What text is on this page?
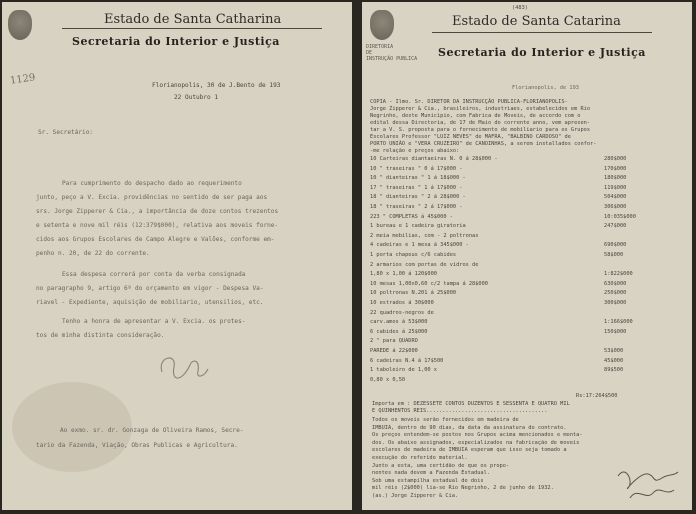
1129
Estado de Santa Catharina
Secretaria do Interior e Justiça
Florianopolis, 30 de J.Bento de 193
22 Outubro 1
Sr. Secretário:
Para cumprimento do despacho dado ao requerimento
junto, peço a V. Excia. providências no sentido de ser paga aos
srs. Jorge Zipperer & Cia., a importância de doze contos trezentos
e setenta e nove mil réis (12:379$000), relativa aos moveis forne-
cidos aos Grupos Escolares de Campo Alegre e Valões, conforme em-
penho n. 20, de 22 do corrente.
Essa despesa correrá por conta da verba consignada
no paragrapho 9, artigo 6º do orçamento em vigor - Despesa Va-
riavel - Expediente, aquisição de mobiliario, utensilios, etc.
Tenho a honra de apresentar a V. Excia. os protes-
tos de minha distinta consideração.
Ao exmo. sr. dr. Gonzaga de Oliveira Ramos, Secre-
tario da Fazenda, Viação, Obras Publicas e Agricultura.
DIRETORIA
DE
INSTRUÇÃO PUBLICA
(483)
Estado de Santa Catarina
Secretaria do Interior e Justiça
Florianopolis, de 193
Rs:17:264$500
Importa em : DEZESSETE CONTOS DUZENTOS E SESSENTA E QUATRO MIL
E QUINHENTOS REIS......................................
COPIA - Ilmo. Sr. DIRETOR DA INSTRUCÇÃO PUBLICA-FLORIANOPOLIS-
Jorge Zipperer & Cia., brasileiros, industriaes, estabelecidos em Rio
Negrinho, deste Municipio, com Fabrica de Moveis, de accordo com o
edital dessa Directoria, de 17 de Maio do corrente anno, vem apresen-
tar a V. S. proposta para o fornecimento de mobiliario para os Grupos
Escolares Professor "LUIZ NEVES" de MAFRA, "BALBINO CARDOSO" de
PORTO UNIÃO e "VERA CRUZEIRO" de CANOINHAS, a serem installados confor-
-me relação e preços abaixo:
10 Carteiras diantaeiras N. 0 á 28$000 -
10 " traseiras " 0 á 17$000 -
10 " dianteiras " 1 á 18$000 -
17 " traseiras " 1 á 17$000 -
18 " dianteiras " 2 á 28$000 -
18 " traseiras " 2 á 17$000 -
223 " COMPLETAS á 45$000 -
1 bureau e 1 cadeira giratoria
2 meia mobilias, com - 2 poltronas
4 cadeiras e 1 mesa á 345$000 -
1 porta chapeus c/6 cabides
2 armarios com portas de vidros de
1,80 x 1,00 á 120$000
10 mesas 1,00x0,60 c/2 tampa á 28$000
10 poltronas N.201 á 25$000
10 estrados á 30$000
22 quadros-negros de
carv.amos á 53$000
6 cabides á 25$000
2 " para QUADRO
PAREDE á 22$000
6 cadeiras N.4 á 17$500
1 taboleiro de 1,00 x
0,80 x 0,50
280$000
170$000
180$000
119$000
504$000
306$000
10:035$000
247$000
690$000
58$000
1:822$000
630$000
250$000
300$000
1:166$000
150$000
53$000
45$000
89$500
Todos os moveis serão fornecidos em madeira de
IMBUIA, dentro de 90 dias, da data da assinatura do contrato.
Os preços entendem-se postos nos Grupos acima mencionados e monta-
dos. Os abaixo assignados, especializados na fabricação de moveis
escolares de madeira de IMBUIA esperam que isso seja tomado a
execução do referido material.
Junto a esta, uma certidão de que os propo-
nentes nada devem a Fazenda Estadual.
Sob uma estampilha estadual de dois
mil réis (2$000) lia-se Rio Negrinho, 2 de junho de 1932.
(as.) Jorge Zipperer & Cia.
